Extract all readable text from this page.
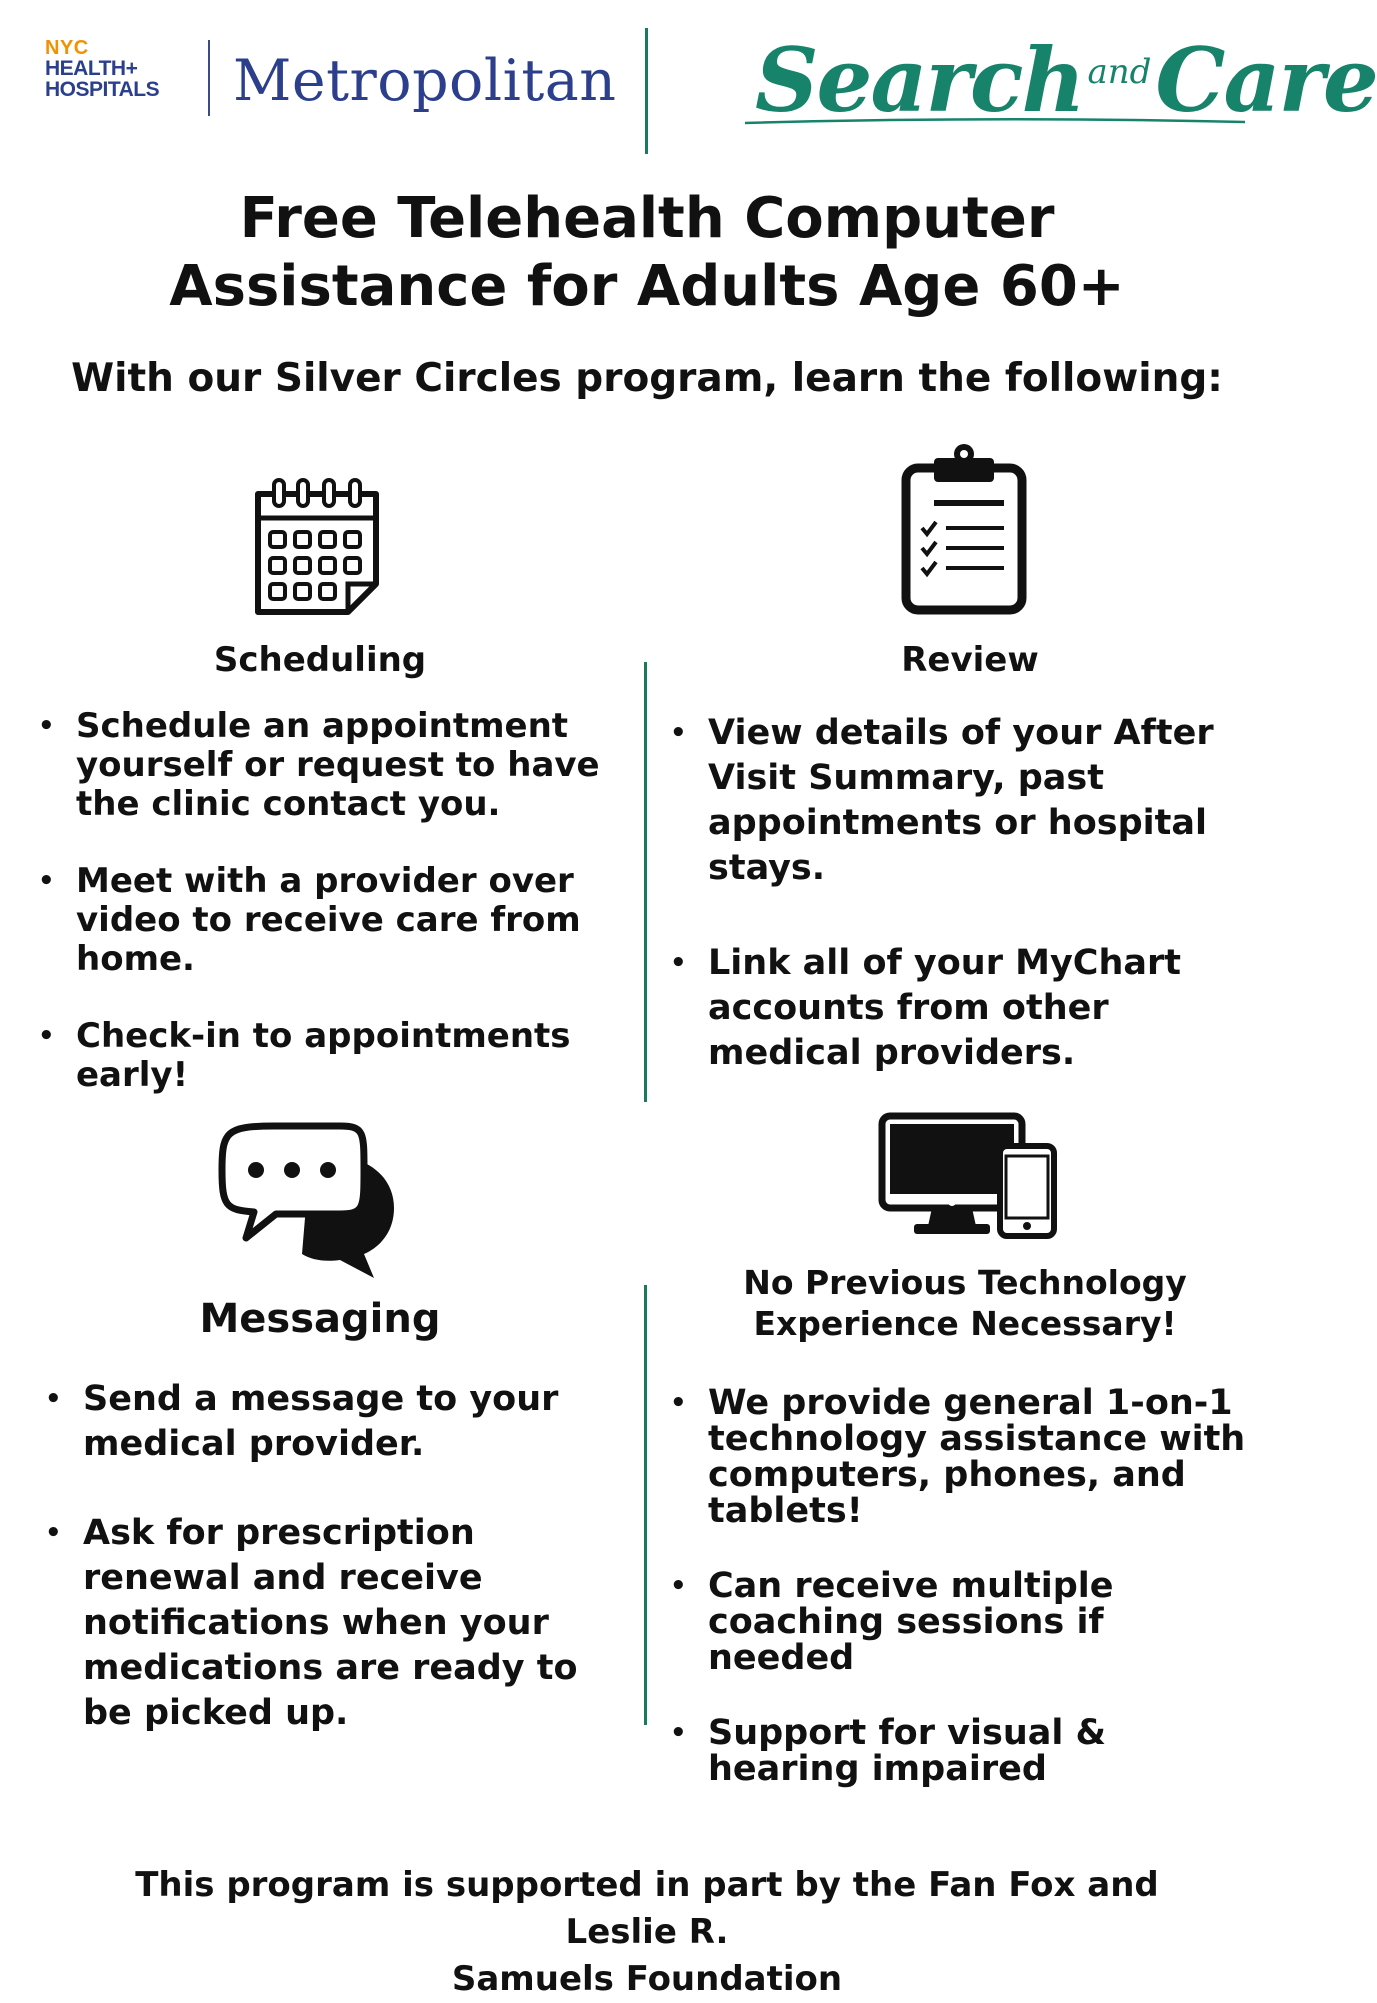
NYC
HEALTH+
HOSPITALS	Metropolitan Search $^{and}$Care
Free Telehealth Computer
Assistance for Adults Age 60+
With our Silver Circles program, learn the following:
Scheduling
• Schedule an appointment yourself or request to have the clinic contact you.
• Meet with a provider over video to receive care from home.
• Check-in to appointments early!
Review
• View details of your After Visit Summary, past appointments or hospital stays.
• Link all of your MyChart accounts from other medical providers.
Messaging
• Send a message to your medical provider.
• Ask for prescription renewal and receive notifications when your medications are ready to be picked up.
No Previous Technology
Experience Necessary!
• We provide general 1-on-1 technology assistance with computers, phones, and tablets!
• Can receive multiple coaching sessions if needed
• Support for visual & hearing impaired
This program is supported in part by the Fan Fox and Leslie R.
Samuels Foundation
